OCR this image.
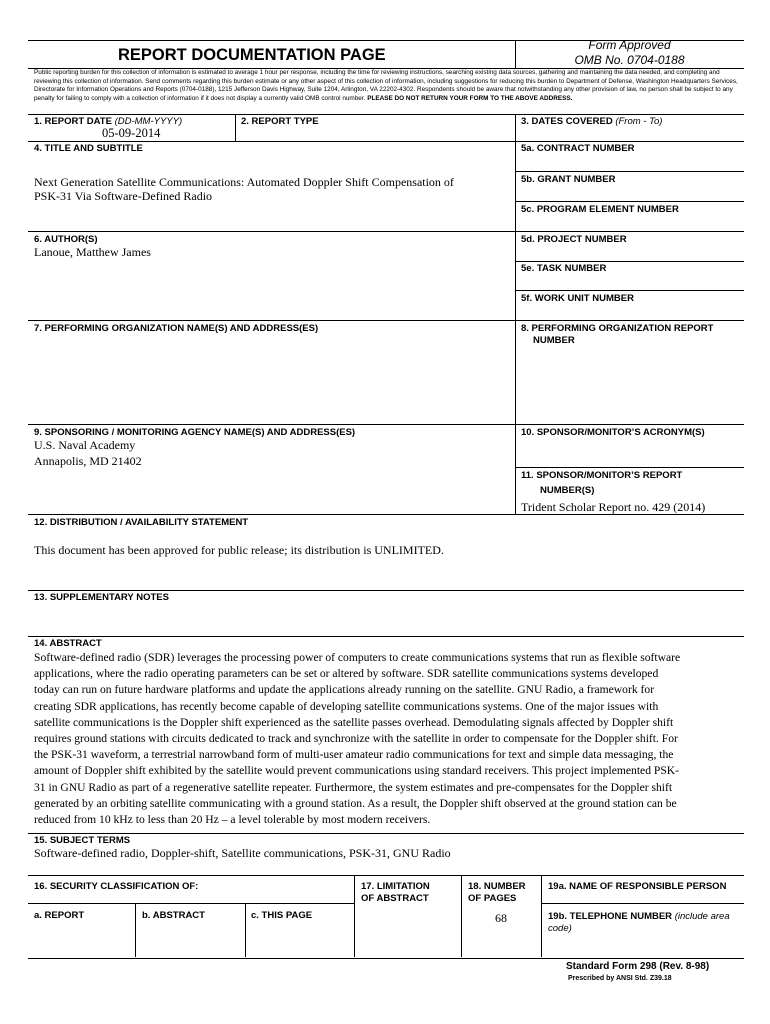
REPORT DOCUMENTATION PAGE
Form Approved
OMB No. 0704-0188
Public reporting burden for this collection of information is estimated to average 1 hour per response, including the time for reviewing instructions, searching existing data sources, gathering and maintaining the data needed, and completing and reviewing this collection of information. Send comments regarding this burden estimate or any other aspect of this collection of information, including suggestions for reducing this burden to Department of Defense, Washington Headquarters Services, Directorate for Information Operations and Reports (0704-0188), 1215 Jefferson Davis Highway, Suite 1204, Arlington, VA 22202-4302. Respondents should be aware that notwithstanding any other provision of law, no person shall be subject to any penalty for failing to comply with a collection of information if it does not display a currently valid OMB control number. PLEASE DO NOT RETURN YOUR FORM TO THE ABOVE ADDRESS.
1. REPORT DATE (DD-MM-YYYY)
05-09-2014
2. REPORT TYPE	3. DATES COVERED (From - To)
4. TITLE AND SUBTITLE
Next Generation Satellite Communications: Automated Doppler Shift Compensation of
PSK-31 Via Software-Defined Radio
5a. CONTRACT NUMBER
5b. GRANT NUMBER
5c. PROGRAM ELEMENT NUMBER
6. AUTHOR(S)
Lanoue, Matthew James
5d. PROJECT NUMBER
5e. TASK NUMBER
5f. WORK UNIT NUMBER
7. PERFORMING ORGANIZATION NAME(S) AND ADDRESS(ES)	8. PERFORMING ORGANIZATION REPORT
NUMBER
9. SPONSORING / MONITORING AGENCY NAME(S) AND ADDRESS(ES)
U.S. Naval Academy
Annapolis, MD 21402
10. SPONSOR/MONITOR’S ACRONYM(S)
11. SPONSOR/MONITOR’S REPORT
NUMBER(S)
Trident Scholar Report no. 429 (2014)
12. DISTRIBUTION / AVAILABILITY STATEMENT
This document has been approved for public release; its distribution is UNLIMITED.
13. SUPPLEMENTARY NOTES
14. ABSTRACT
Software-defined radio (SDR) leverages the processing power of computers to create communications systems that run as flexible software
applications, where the radio operating parameters can be set or altered by software. SDR satellite communications systems developed
today can run on future hardware platforms and update the applications already running on the satellite. GNU Radio, a framework for
creating SDR applications, has recently become capable of developing satellite communications systems. One of the major issues with
satellite communications is the Doppler shift experienced as the satellite passes overhead. Demodulating signals affected by Doppler shift
requires ground stations with circuits dedicated to track and synchronize with the satellite in order to compensate for the Doppler shift. For
the PSK-31 waveform, a terrestrial narrowband form of multi-user amateur radio communications for text and simple data messaging, the
amount of Doppler shift exhibited by the satellite would prevent communications using standard receivers. This project implemented PSK-
31 in GNU Radio as part of a regenerative satellite repeater. Furthermore, the system estimates and pre-compensates for the Doppler shift
generated by an orbiting satellite communicating with a ground station. As a result, the Doppler shift observed at the ground station can be
reduced from 10 kHz to less than 20 Hz – a level tolerable by most modern receivers.
15. SUBJECT TERMS
Software-defined radio, Doppler-shift, Satellite communications, PSK-31, GNU Radio
16. SECURITY CLASSIFICATION OF:	17. LIMITATION
OF ABSTRACT
18. NUMBER
OF PAGES
68
19a. NAME OF RESPONSIBLE PERSON
a. REPORT	b. ABSTRACT	c. THIS PAGE	19b. TELEPHONE NUMBER (include area
code)
Standard Form 298 (Rev. 8-98)
Prescribed by ANSI Std. Z39.18
